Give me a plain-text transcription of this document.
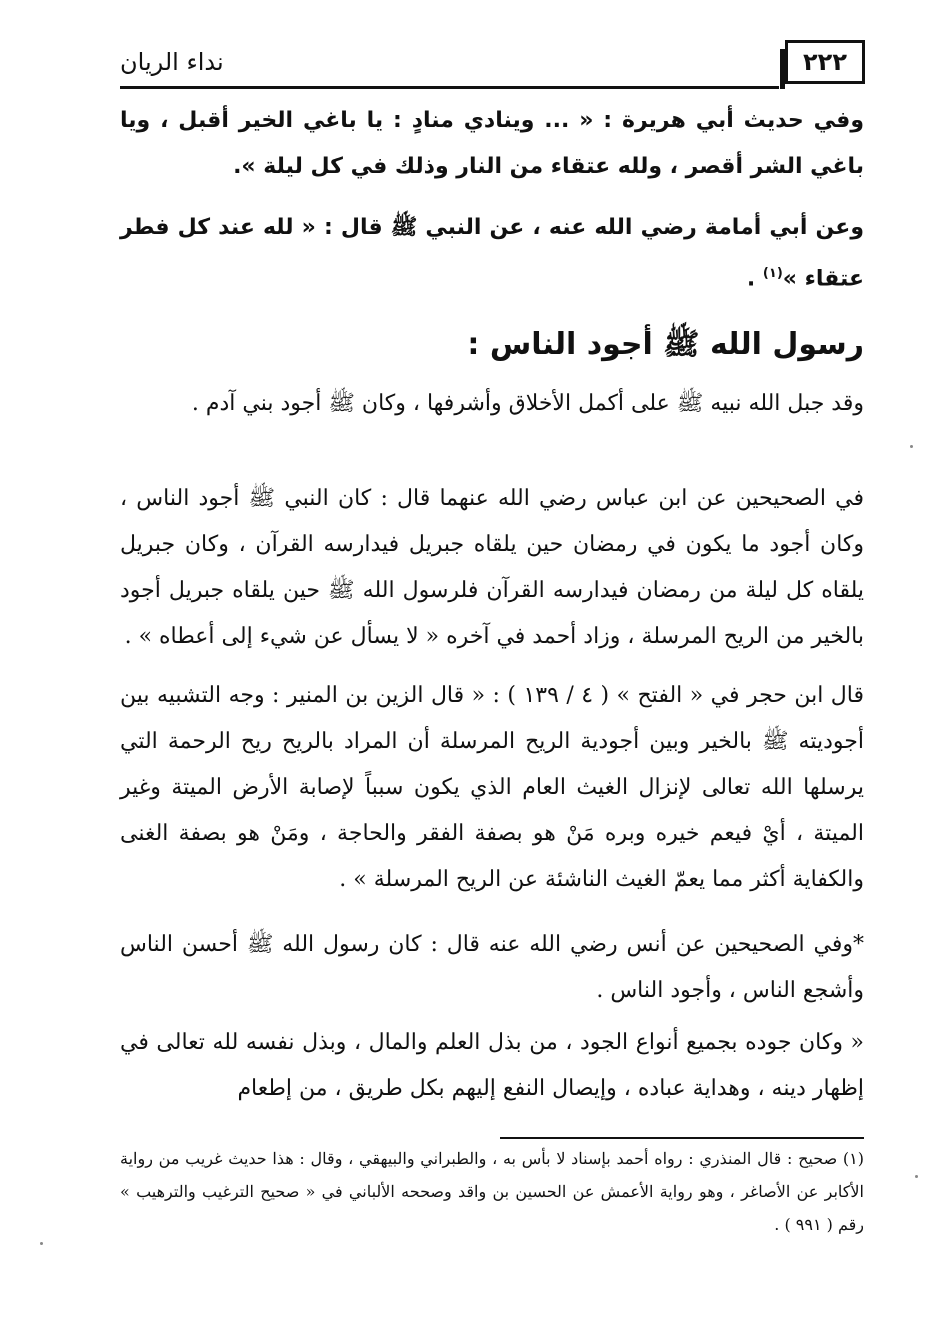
٢٢٢
نداء الريان

وفي حديث أبي هريرة : « ... وينادي منادٍ : يا باغي الخير أقبل ، ويا باغي الشر أقصر ، ولله عتقاء من النار وذلك في كل ليلة ».

وعن أبي أمامة رضي الله عنه ، عن النبي ﷺ قال : « لله عند كل فطر عتقاء »$^{(١)}$ .

رسول الله ﷺ أجود الناس :

وقد جبل الله نبيه ﷺ على أكمل الأخلاق وأشرفها ، وكان ﷺ أجود بني آدم .

في الصحيحين عن ابن عباس رضي الله عنهما قال : كان النبي ﷺ أجود الناس ، وكان أجود ما يكون في رمضان حين يلقاه جبريل فيدارسه القرآن ، وكان جبريل يلقاه كل ليلة من رمضان فيدارسه القرآن فلرسول الله ﷺ حين يلقاه جبريل أجود بالخير من الريح المرسلة ، وزاد أحمد في آخره « لا يسأل عن شيء إلى أعطاه » .

قال ابن حجر في « الفتح » ( ٤ / ١٣٩ ) : « قال الزين بن المنير : وجه التشبيه بين أجوديته ﷺ بالخير وبين أجودية الريح المرسلة أن المراد بالريح ريح الرحمة التي يرسلها الله تعالى لإنزال الغيث العام الذي يكون سبباً لإصابة الأرض الميتة وغير الميتة ، أيْ فيعم خيره وبره مَنْ هو بصفة الفقر والحاجة ، ومَنْ هو بصفة الغنى والكفاية أكثر مما يعمّ الغيث الناشئة عن الريح المرسلة » .

*وفي الصحيحين عن أنس رضي الله عنه قال : كان رسول الله ﷺ أحسن الناس وأشجع الناس ، وأجود الناس .

« وكان جوده بجميع أنواع الجود ، من بذل العلم والمال ، وبذل نفسه لله تعالى في إظهار دينه ، وهداية عباده ، وإيصال النفع إليهم بكل طريق ، من إطعام

(١) صحيح : قال المنذري : رواه أحمد بإسناد لا بأس به ، والطبراني والبيهقي ، وقال : هذا حديث غريب من رواية الأكابر عن الأصاغر ، وهو رواية الأعمش عن الحسين بن واقد وصححه الألباني في « صحيح الترغيب والترهيب » رقم ( ٩٩١ ) .
